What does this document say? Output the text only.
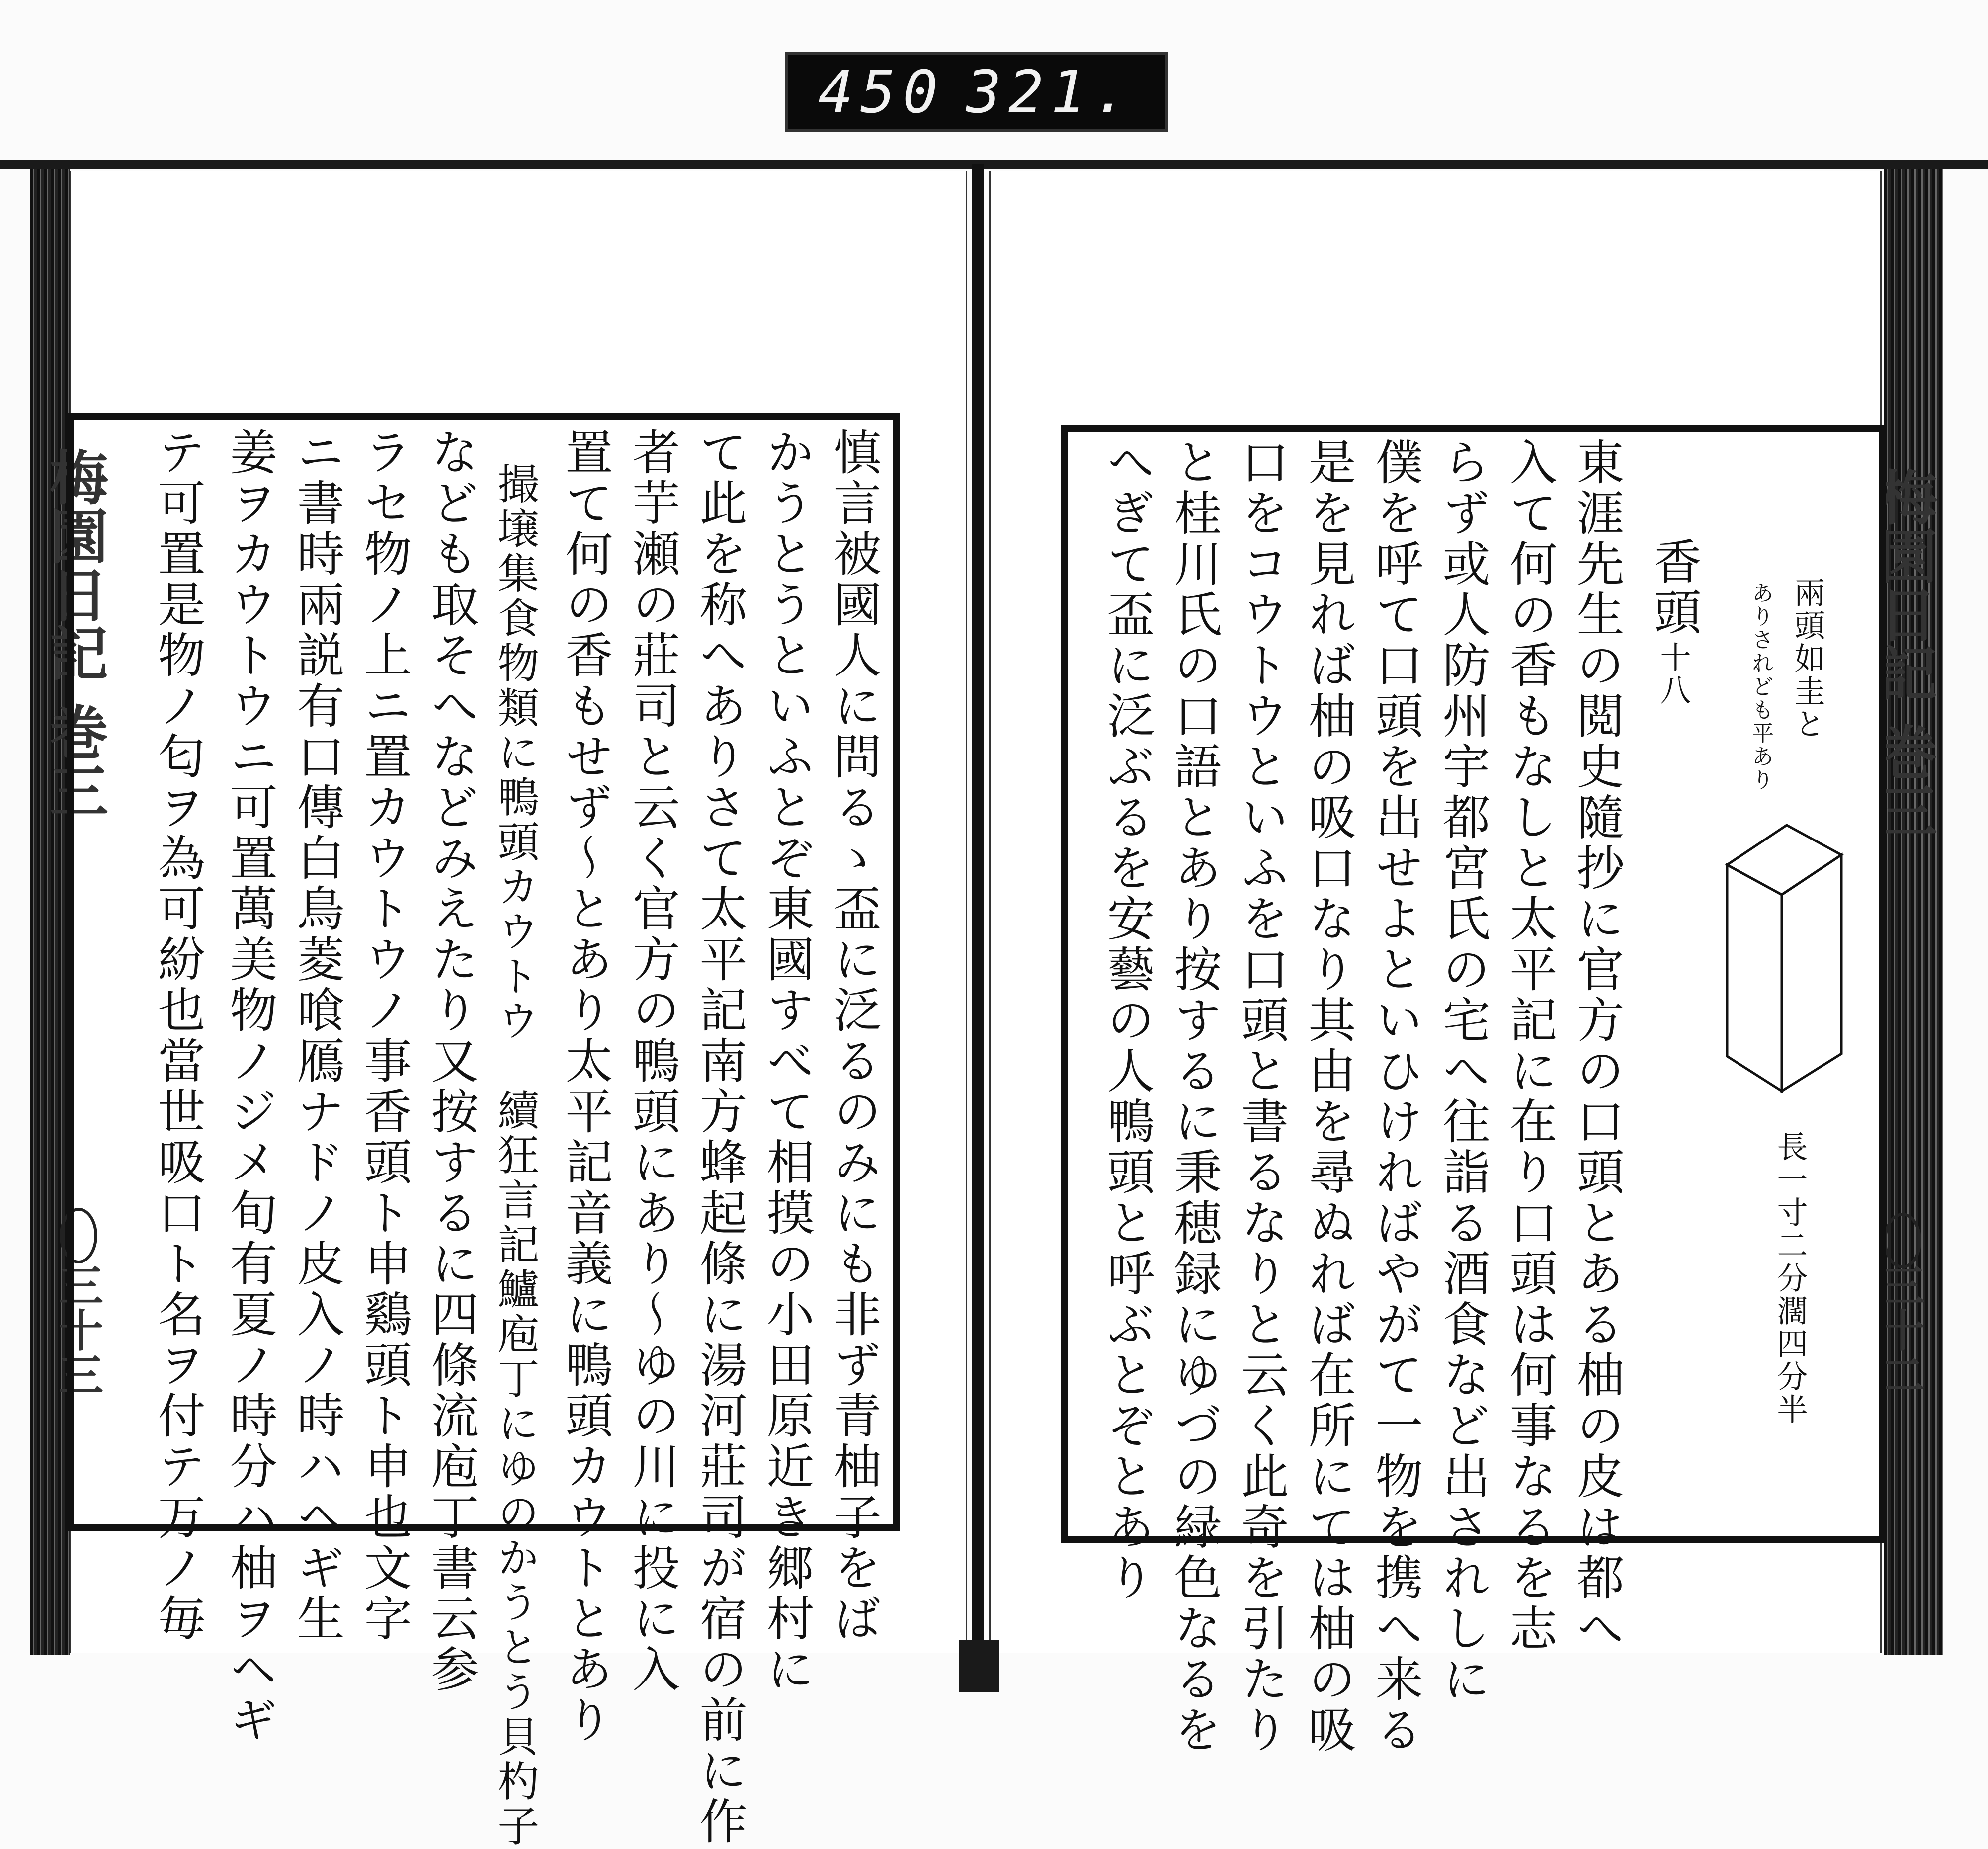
450 321.
梅園日記 巻三
三十三	慎言被國人に問るゝ盃に泛るのみにも非ず青柚子をば
かうとうといふとぞ東國すべて相摸の小田原近き郷村に
て此を称へありさて太平記南方蜂起條に湯河莊司が宿の前に作
者芋瀬の莊司と云く官方の鴨頭にあり～ゆの川に投に入
置て何の香もせず～とあり太平記音義に鴨頭カウトとあり
撮壌集食物類に鴨頭カウトウ　續狂言記鱸庖丁にゆのかうとう貝杓子
なども取そへなどみえたり又按するに四條流庖丁書云参
ラセ物ノ上ニ置カウトウノ事香頭ト申鷄頭ト申也文字
ニ書時兩説有口傳白鳥菱喰鴈ナドノ皮入ノ時ハヘギ生
姜ヲカウトウニ可置萬美物ノジメ旬有夏ノ時分ハ柚ヲヘギ
テ可置是物ノ匂ヲ為可紛也當世吸口ト名ヲ付テ万ノ毎	梅園日記 巻三
三十二
香頭
十八	兩頭如圭と
ありされども平あり
長一寸二分濶四分半
東涯先生の閲史隨抄に官方の口頭とある柚の皮は都へ
入て何の香もなしと太平記に在り口頭は何事なるを志
らず或人防州宇都宮氏の宅へ往詣る酒食など出されしに
僕を呼て口頭を出せよといひければやがて一物を携へ来る
是を見れば柚の吸口なり其由を尋ぬれば在所にては柚の吸
口をコウトウといふを口頭と書るなりと云く此奇を引たり
と桂川氏の口語とあり按するに秉穂録にゆづの緑色なるを
へぎて盃に泛ぶるを安藝の人鴨頭と呼ぶとぞとあり
